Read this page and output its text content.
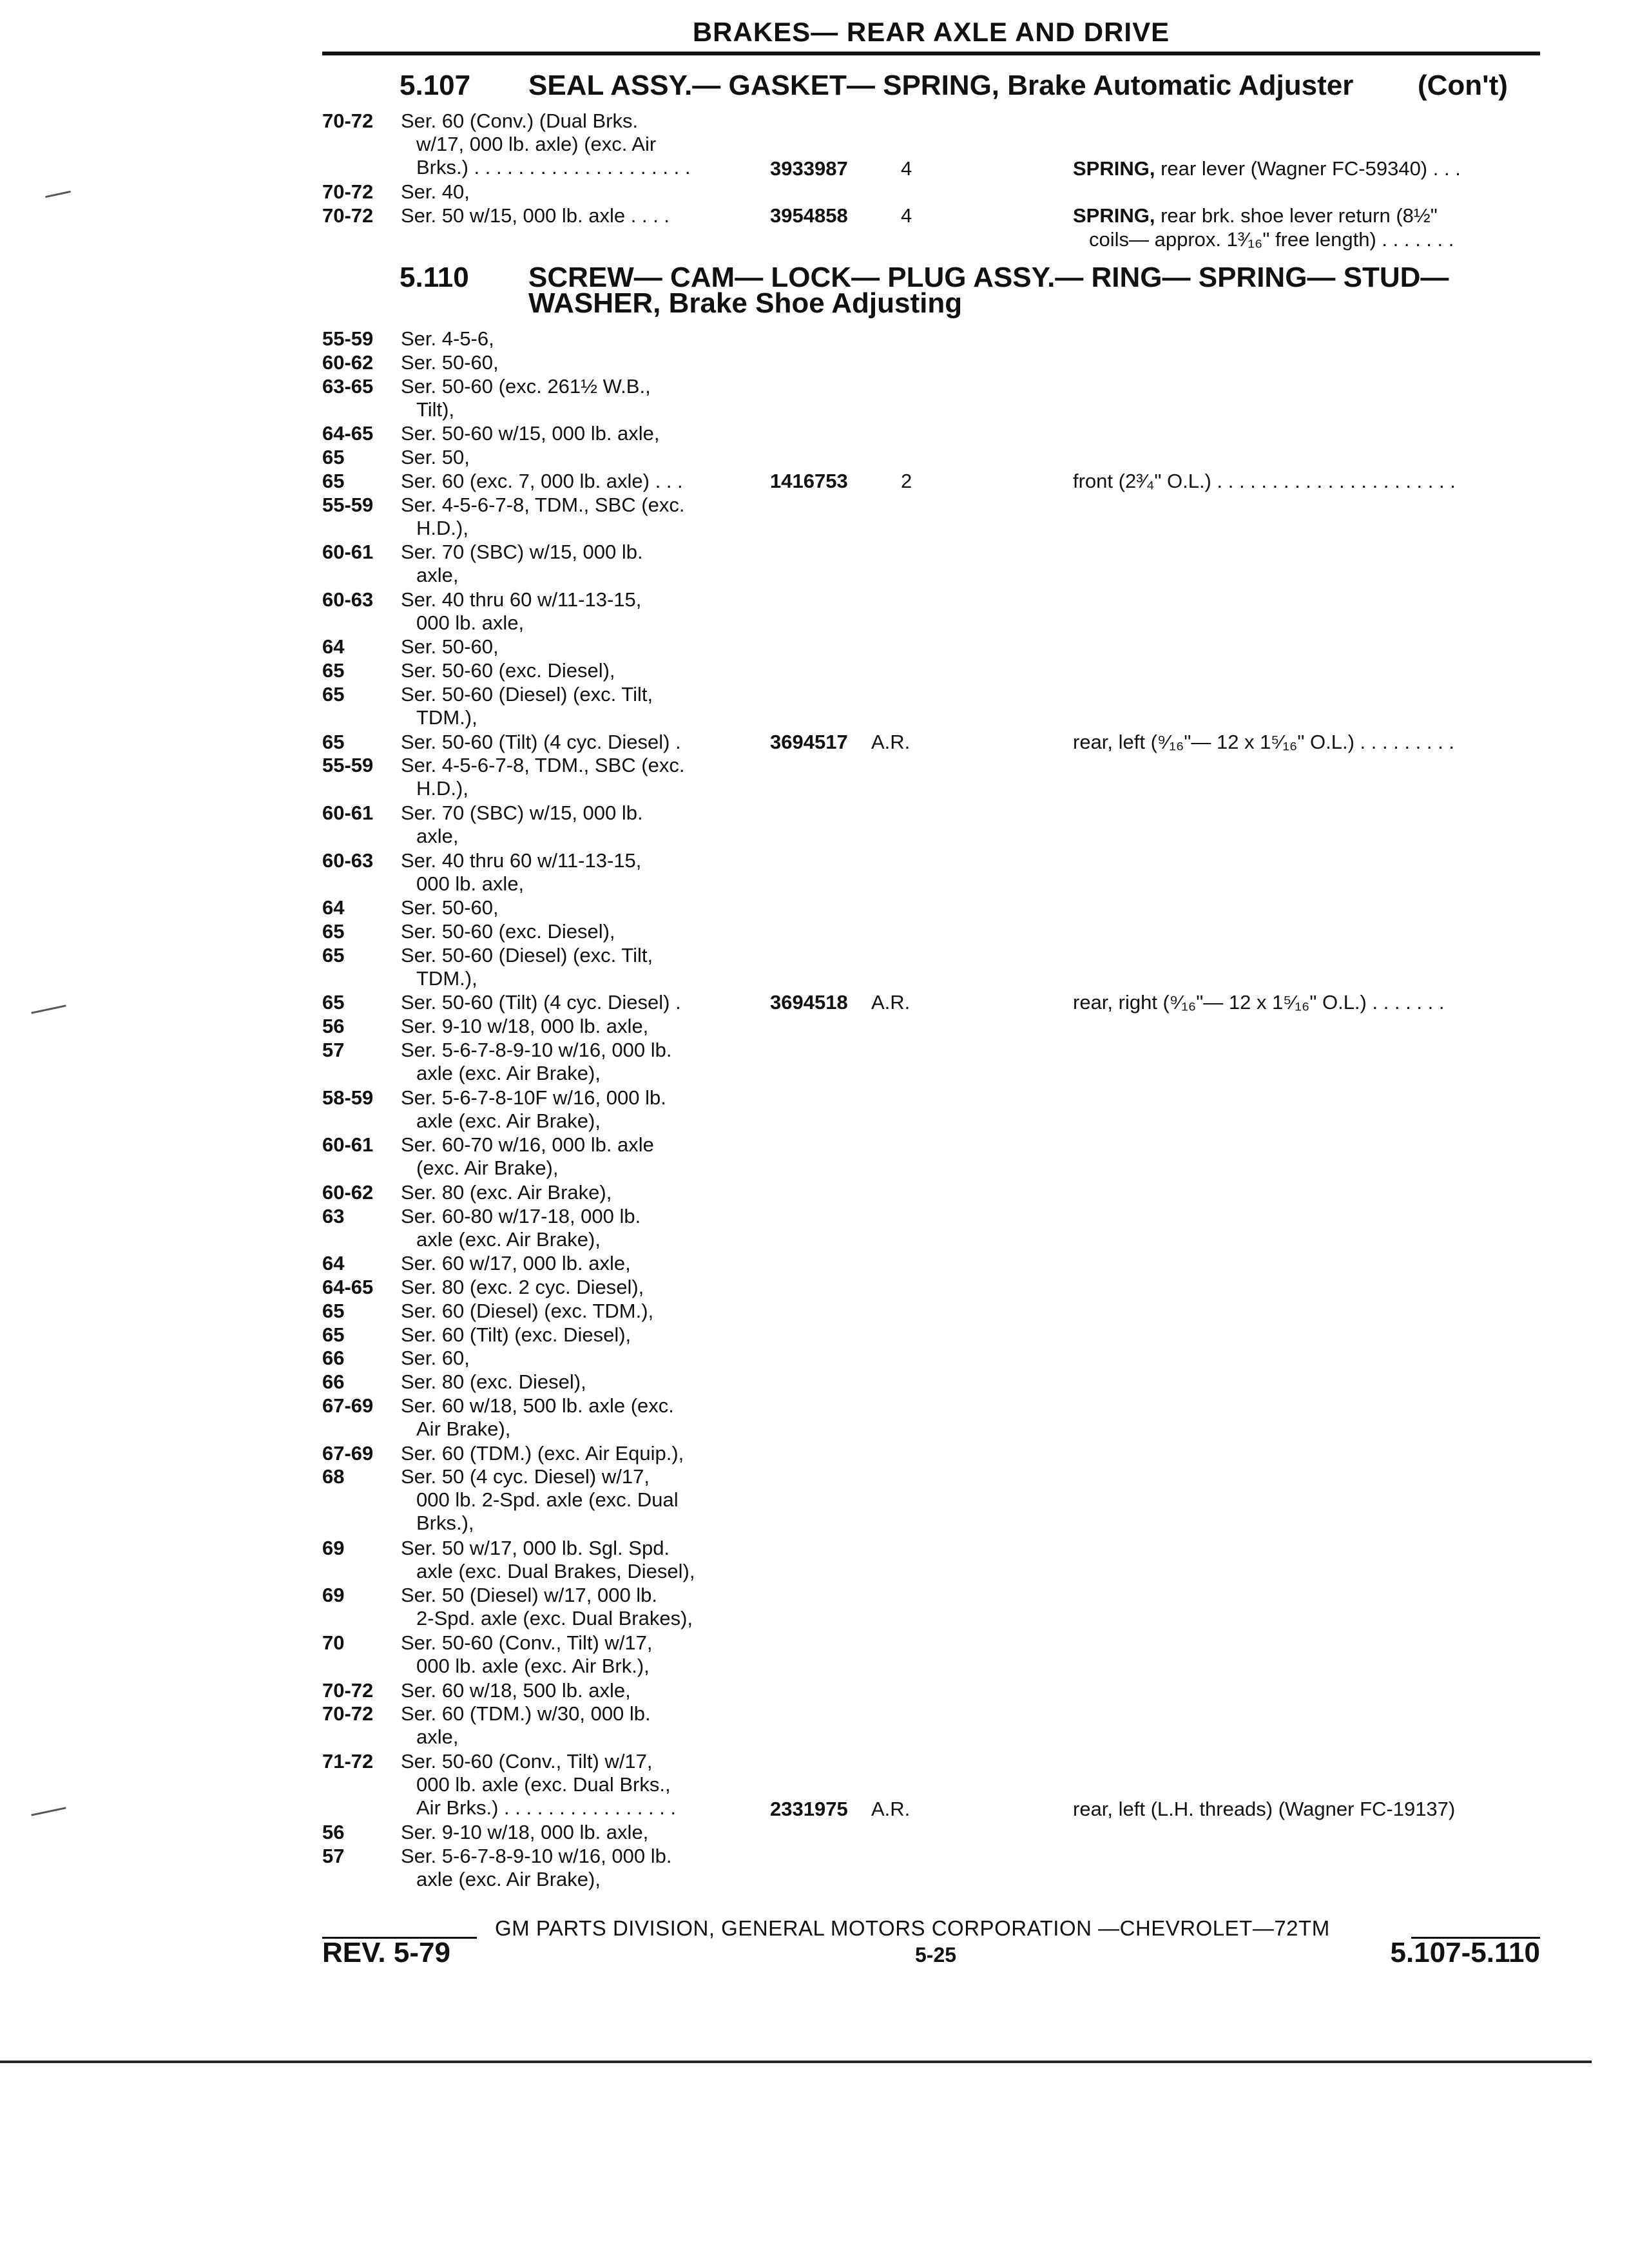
BRAKES— REAR AXLE AND DRIVE
5.107 SEAL ASSY.— GASKET— SPRING, Brake Automatic Adjuster (Con't)
5.110 SCREW— CAM— LOCK— PLUG ASSY.— RING— SPRING— STUD—
WASHER, Brake Shoe Adjusting
70-72 Ser. 60 (Conv.) (Dual Brks.
w/17, 000 lb. axle) (exc. Air
Brks.) . . . . . . . . . . . . . . . . . . . .	3933987	4	SPRING, rear lever (Wagner FC-59340) . . .
70-72 Ser. 40,
70-72 Ser. 50 w/15, 000 lb. axle . . . .	3954858	4	SPRING, rear brk. shoe lever return (8½"
coils— approx. 1³⁄₁₆" free length) . . . . . . .
55-59 Ser. 4-5-6,
60-62 Ser. 50-60,
63-65 Ser. 50-60 (exc. 261½ W.B.,
Tilt),
64-65 Ser. 50-60 w/15, 000 lb. axle,
65	Ser. 50,
65	Ser. 60 (exc. 7, 000 lb. axle) . . .	1416753	2	front (2³⁄₄" O.L.) . . . . . . . . . . . . . . . . . . . . . .
55-59 Ser. 4-5-6-7-8, TDM., SBC (exc.
H.D.),
60-61 Ser. 70 (SBC) w/15, 000 lb.
axle,
60-63 Ser. 40 thru 60 w/11-13-15,
000 lb. axle,
64	Ser. 50-60,
65	Ser. 50-60 (exc. Diesel),
65	Ser. 50-60 (Diesel) (exc. Tilt,
TDM.),
65	Ser. 50-60 (Tilt) (4 cyc. Diesel) .	3694517 A.R.	rear, left (⁹⁄₁₆"— 12 x 1⁵⁄₁₆" O.L.) . . . . . . . . .
55-59 Ser. 4-5-6-7-8, TDM., SBC (exc.
H.D.),
60-61 Ser. 70 (SBC) w/15, 000 lb.
axle,
60-63 Ser. 40 thru 60 w/11-13-15,
000 lb. axle,
64	Ser. 50-60,
65	Ser. 50-60 (exc. Diesel),
65	Ser. 50-60 (Diesel) (exc. Tilt,
TDM.),
65	Ser. 50-60 (Tilt) (4 cyc. Diesel) .	3694518 A.R.	rear, right (⁹⁄₁₆"— 12 x 1⁵⁄₁₆" O.L.) . . . . . . .
56	Ser. 9-10 w/18, 000 lb. axle,
57	Ser. 5-6-7-8-9-10 w/16, 000 lb.
axle (exc. Air Brake),
58-59 Ser. 5-6-7-8-10F w/16, 000 lb.
axle (exc. Air Brake),
60-61 Ser. 60-70 w/16, 000 lb. axle
(exc. Air Brake),
60-62 Ser. 80 (exc. Air Brake),
63	Ser. 60-80 w/17-18, 000 lb.
axle (exc. Air Brake),
64	Ser. 60 w/17, 000 lb. axle,
64-65 Ser. 80 (exc. 2 cyc. Diesel),
65	Ser. 60 (Diesel) (exc. TDM.),
65	Ser. 60 (Tilt) (exc. Diesel),
66	Ser. 60,
66	Ser. 80 (exc. Diesel),
67-69 Ser. 60 w/18, 500 lb. axle (exc.
Air Brake),
67-69 Ser. 60 (TDM.) (exc. Air Equip.),
68	Ser. 50 (4 cyc. Diesel) w/17,
000 lb. 2-Spd. axle (exc. Dual
Brks.),
69	Ser. 50 w/17, 000 lb. Sgl. Spd.
axle (exc. Dual Brakes, Diesel),
69	Ser. 50 (Diesel) w/17, 000 lb.
2-Spd. axle (exc. Dual Brakes),
70	Ser. 50-60 (Conv., Tilt) w/17,
000 lb. axle (exc. Air Brk.),
70-72 Ser. 60 w/18, 500 lb. axle,
70-72 Ser. 60 (TDM.) w/30, 000 lb.
axle,
71-72 Ser. 50-60 (Conv., Tilt) w/17,
000 lb. axle (exc. Dual Brks.,
Air Brks.) . . . . . . . . . . . . . . . .	2331975 A.R.	rear, left (L.H. threads) (Wagner FC-19137)
56	Ser. 9-10 w/18, 000 lb. axle,
57	Ser. 5-6-7-8-9-10 w/16, 000 lb.
axle (exc. Air Brake),
GM PARTS DIVISION, GENERAL MOTORS CORPORATION —CHEVROLET—72TM
REV. 5-79	5-25	5.107-5.110
